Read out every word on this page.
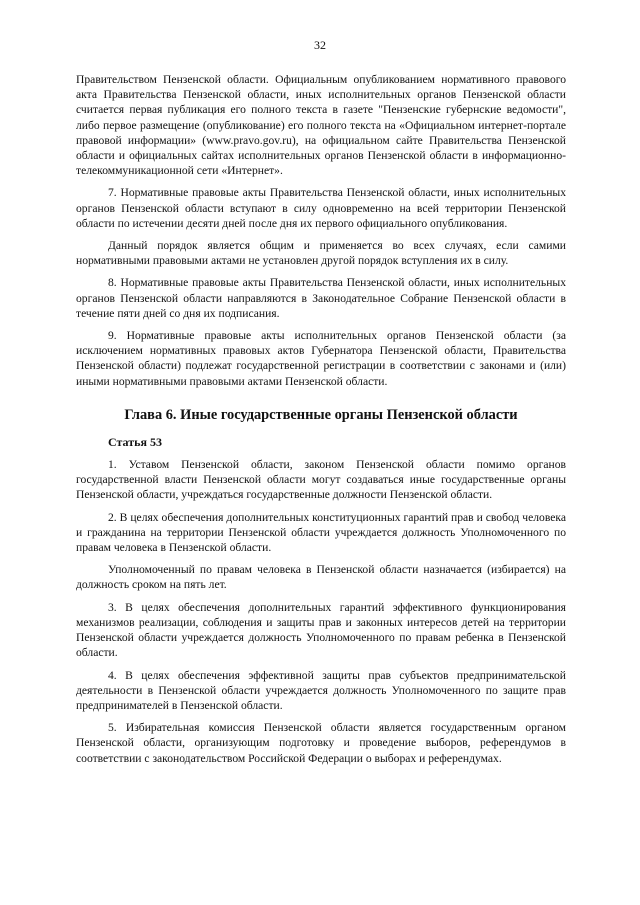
32

Правительством Пензенской области. Официальным опубликованием нормативного правового акта Правительства Пензенской области, иных исполнительных органов Пензенской области считается первая публикация его полного текста в газете "Пензенские губернские ведомости", либо первое размещение (опубликование) его полного текста на «Официальном интернет-портале правовой информации» (www.pravo.gov.ru), на официальном сайте Правительства Пензенской области и официальных сайтах исполнительных органов Пензенской области в информационно-телекоммуникационной сети «Интернет».

7. Нормативные правовые акты Правительства Пензенской области, иных исполнительных органов Пензенской области вступают в силу одновременно на всей территории Пензенской области по истечении десяти дней после дня их первого официального опубликования.

Данный порядок является общим и применяется во всех случаях, если самими нормативными правовыми актами не установлен другой порядок вступления их в силу.

8. Нормативные правовые акты Правительства Пензенской области, иных исполнительных органов Пензенской области направляются в Законодательное Собрание Пензенской области в течение пяти дней со дня их подписания.

9. Нормативные правовые акты исполнительных органов Пензенской области (за исключением нормативных правовых актов Губернатора Пензенской области, Правительства Пензенской области) подлежат государственной регистрации в соответствии с законами и (или) иными нормативными правовыми актами Пензенской области.

Глава 6. Иные государственные органы Пензенской области
Статья 53

1. Уставом Пензенской области, законом Пензенской области помимо органов государственной власти Пензенской области могут создаваться иные государственные органы Пензенской области, учреждаться государственные должности Пензенской области.

2. В целях обеспечения дополнительных конституционных гарантий прав и свобод человека и гражданина на территории Пензенской области учреждается должность Уполномоченного по правам человека в Пензенской области.

Уполномоченный по правам человека в Пензенской области назначается (избирается) на должность сроком на пять лет.

3. В целях обеспечения дополнительных гарантий эффективного функционирования механизмов реализации, соблюдения и защиты прав и законных интересов детей на территории Пензенской области учреждается должность Уполномоченного по правам ребенка в Пензенской области.

4. В целях обеспечения эффективной защиты прав субъектов предпринимательской деятельности в Пензенской области учреждается должность Уполномоченного по защите прав предпринимателей в Пензенской области.

5. Избирательная комиссия Пензенской области является государственным органом Пензенской области, организующим подготовку и проведение выборов, референдумов в соответствии с законодательством Российской Федерации о выборах и референдумах.
